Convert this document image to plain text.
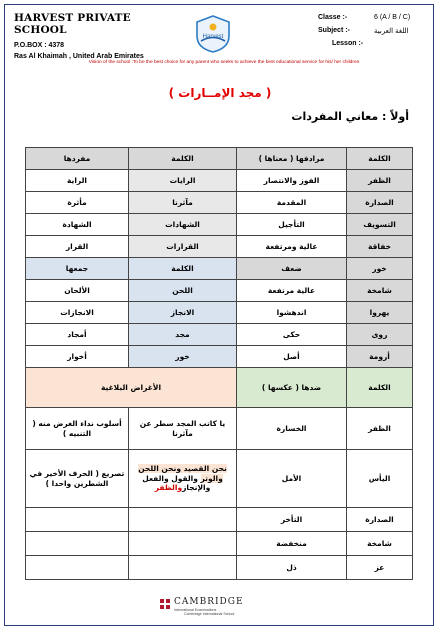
HARVEST PRIVATE SCHOOL
P.O.BOX : 4378
Ras Al Khaimah , United Arab Emirates
Harvest
Classe :-	6 (A / B / C)
Subject :-	اللغة العربية
Lesson :-
Vision of the school :To be the best choice for any parent who seeks to achieve the best educational service for his/ her children
( مجد الإمــارات )
أولاً : معاني المفردات
الكلمة	مرادفها ( معناها )	الكلمة	مفردها
الظفر	الفوز والانتصار	الرايات	الراية
الصدارة	المقدمة	مآثرنا	مأثرة
التسويف	التأجيل	الشهادات	الشهادة
خفاقة	عالية ومرتفعة	القرارات	القرار
خور	ضعف	الكلمة	جمعها
شامخة	عالية مرتفعة	اللحن	الألحان
يهروا	اندهشوا	الانجاز	الانجازات
روى	حكى	مجد	أمجاد
أرومة	أصل	خور	أخوار
الكلمة	ضدها ( عكسها )	الأغراض البلاغية	
الظفر	الخسارة	يا كاتب المجد سطر عن مآثرنا	أسلوب نداء الغرض منه ( التنبيه )
اليأس	الأمل	نحن القصيد ونحن اللحن والوتر والقول والفعل والإنجازوالظفر	تصريع ( الحرف الأخير في الشطرين واحدا )
الصدارة	التأخر		
شامخة	منخفضة		
عز	ذل		
CAMBRIDGE
International Examinations
Cambridge International School
